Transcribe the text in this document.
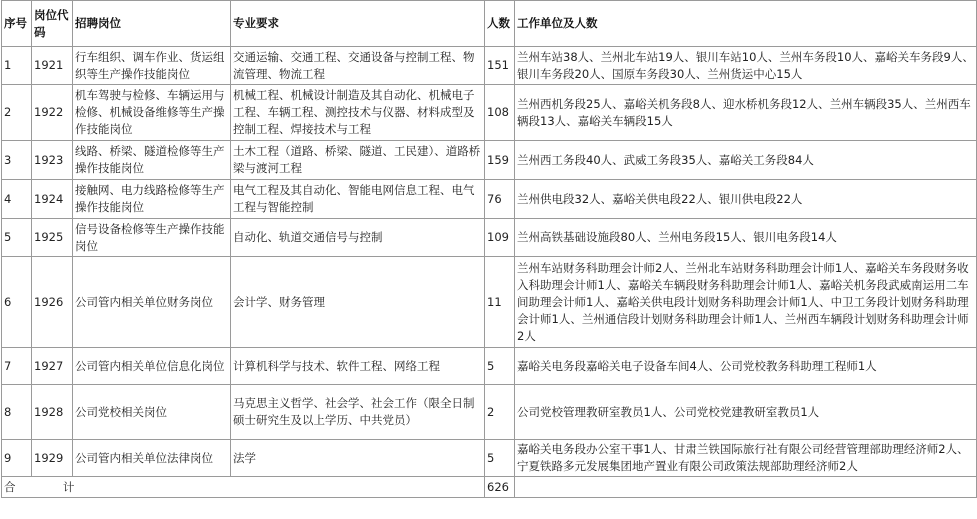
序号	岗位代码	招聘岗位	专业要求	人数	工作单位及人数
1	1921	行车组织、调车作业、货运组织等生产操作技能岗位	交通运输、交通工程、交通设备与控制工程、物流管理、物流工程	151	兰州车站38人、兰州北车站19人、银川车站10人、兰州车务段10人、嘉峪关车务段9人、银川车务段20人、国原车务段30人、兰州货运中心15人
2	1922	机车驾驶与检修、车辆运用与检修、机械设备维修等生产操作技能岗位	机械工程、机械设计制造及其自动化、机械电子工程、车辆工程、测控技术与仪器、材料成型及控制工程、焊接技术与工程	108	兰州西机务段25人、嘉峪关机务段8人、迎水桥机务段12人、兰州车辆段35人、兰州西车辆段13人、嘉峪关车辆段15人
3	1923	线路、桥梁、隧道检修等生产操作技能岗位	土木工程（道路、桥梁、隧道、工民建）、道路桥梁与渡河工程	159	兰州西工务段40人、武威工务段35人、嘉峪关工务段84人
4	1924	接触网、电力线路检修等生产操作技能岗位	电气工程及其自动化、智能电网信息工程、电气工程与智能控制	76	兰州供电段32人、嘉峪关供电段22人、银川供电段22人
5	1925	信号设备检修等生产操作技能岗位	自动化、轨道交通信号与控制	109	兰州高铁基础设施段80人、兰州电务段15人、银川电务段14人
6	1926	公司管内相关单位财务岗位	会计学、财务管理	11	兰州车站财务科助理会计师2人、兰州北车站财务科助理会计师1人、嘉峪关车务段财务收入科助理会计师1人、嘉峪关车辆段财务科助理会计师1人、嘉峪关机务段武威南运用二车间助理会计师1人、嘉峪关供电段计划财务科助理会计师1人、中卫工务段计划财务科助理会计师1人、兰州通信段计划财务科助理会计师1人、兰州西车辆段计划财务科助理会计师2人
7	1927	公司管内相关单位信息化岗位	计算机科学与技术、软件工程、网络工程	5	嘉峪关电务段嘉峪关电子设备车间4人、公司党校教务科助理工程师1人
8	1928	公司党校相关岗位	马克思主义哲学、社会学、社会工作（限全日制硕士研究生及以上学历、中共党员）	2	公司党校管理教研室教员1人、公司党校党建教研室教员1人
9	1929	公司管内相关单位法律岗位	法学	5	嘉峪关电务段办公室干事1人、甘肃兰铁国际旅行社有限公司经营管理部助理经济师2人、宁夏铁路多元发展集团地产置业有限公司政策法规部助理经济师2人
合 计				626	
